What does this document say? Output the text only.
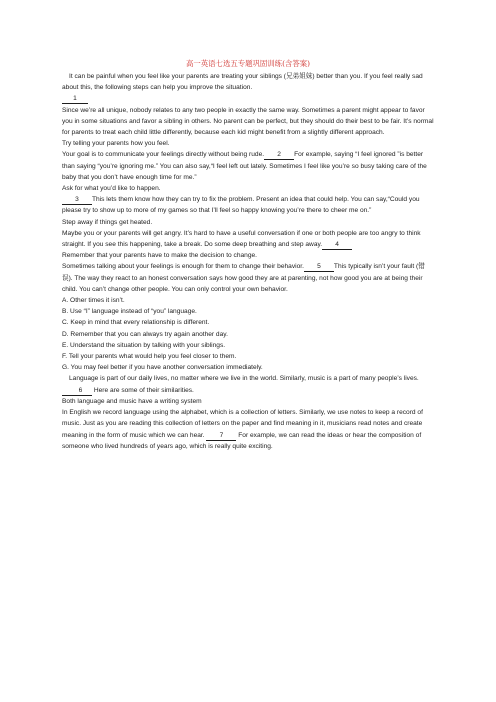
高一英语七选五专题巩固训练(含答案)

It can be painful when you feel like your parents are treating your siblings (兄弟姐妹) better than you. If you feel really sad about this, the following steps can help you improve the situation.

1

Since we’re all unique, nobody relates to any two people in exactly the same way. Sometimes a parent might appear to favor you in some situations and favor a sibling in others. No parent can be perfect, but they should do their best to be fair. It’s normal for parents to treat each child little differently, because each kid might benefit from a slightly different approach.

Try telling your parents how you feel.

Your goal is to communicate your feelings directly without being rude. 2 For example, saying “I feel ignored ”is better than saying “you’re ignoring me.” You can also say,“I feel left out lately. Sometimes I feel like you’re so busy taking care of the baby that you don’t have enough time for me.”

Ask for what you’d like to happen.

3 This lets them know how they can try to fix the problem. Present an idea that could help. You can say,“Could you please try to show up to more of my games so that I’ll feel so happy knowing you’re there to cheer me on.”

Step away if things get heated.

Maybe you or your parents will get angry. It’s hard to have a useful conversation if one or both people are too angry to think straight. If you see this happening, take a break. Do some deep breathing and step away. 4

Remember that your parents have to make the decision to change.

Sometimes talking about your feelings is enough for them to change their behavior. 5 This typically isn’t your fault (错误). The way they react to an honest conversation says how good they are at parenting, not how good you are at being their child. You can’t change other people. You can only control your own behavior.

A. Other times it isn’t.
B. Use “I” language instead of “you” language.
C. Keep in mind that every relationship is different.
D. Remember that you can always try again another day.
E. Understand the situation by talking with your siblings.
F. Tell your parents what would help you feel closer to them.
G. You may feel better if you have another conversation immediately.

Language is part of our daily lives, no matter where we live in the world. Similarly, music is a part of many people’s lives. 6 Here are some of their similarities.

Both language and music have a writing system

In English we record language using the alphabet, which is a collection of letters. Similarly, we use notes to keep a record of music. Just as you are reading this collection of letters on the paper and find meaning in it, musicians read notes and create meaning in the form of music which we can hear. 7 For example, we can read the ideas or hear the composition of someone who lived hundreds of years ago, which is really quite exciting.
